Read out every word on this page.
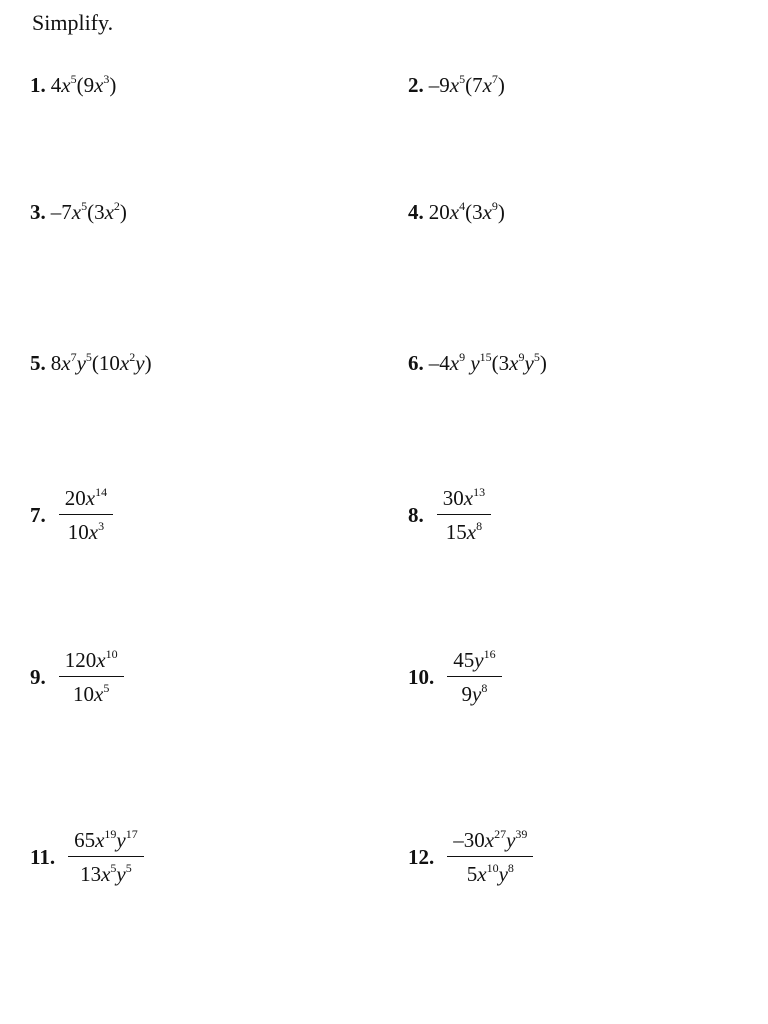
Simplify.
1. $4x^5(9x^3)$	2. $-9x^5(7x^7)$
3. $-7x^5(3x^2)$	4. $20x^4(3x^9)$
5. $8x^7y^5(10x^2y)$	6. $-4x^9$ $y^{15}(3x^9y^5)$
7. $\frac{20x^{14}}{10x^3}$	8. $\frac{30x^{13}}{15x^8}$
9. $\frac{120x^{10}}{10x^5}$	10. $\frac{45y^{16}}{9y^8}$
11. $\frac{65x^{19}y^{17}}{13x^5y^5}$	12. $\frac{-30x^{27}y^{39}}{5x^{10}y^8}$
